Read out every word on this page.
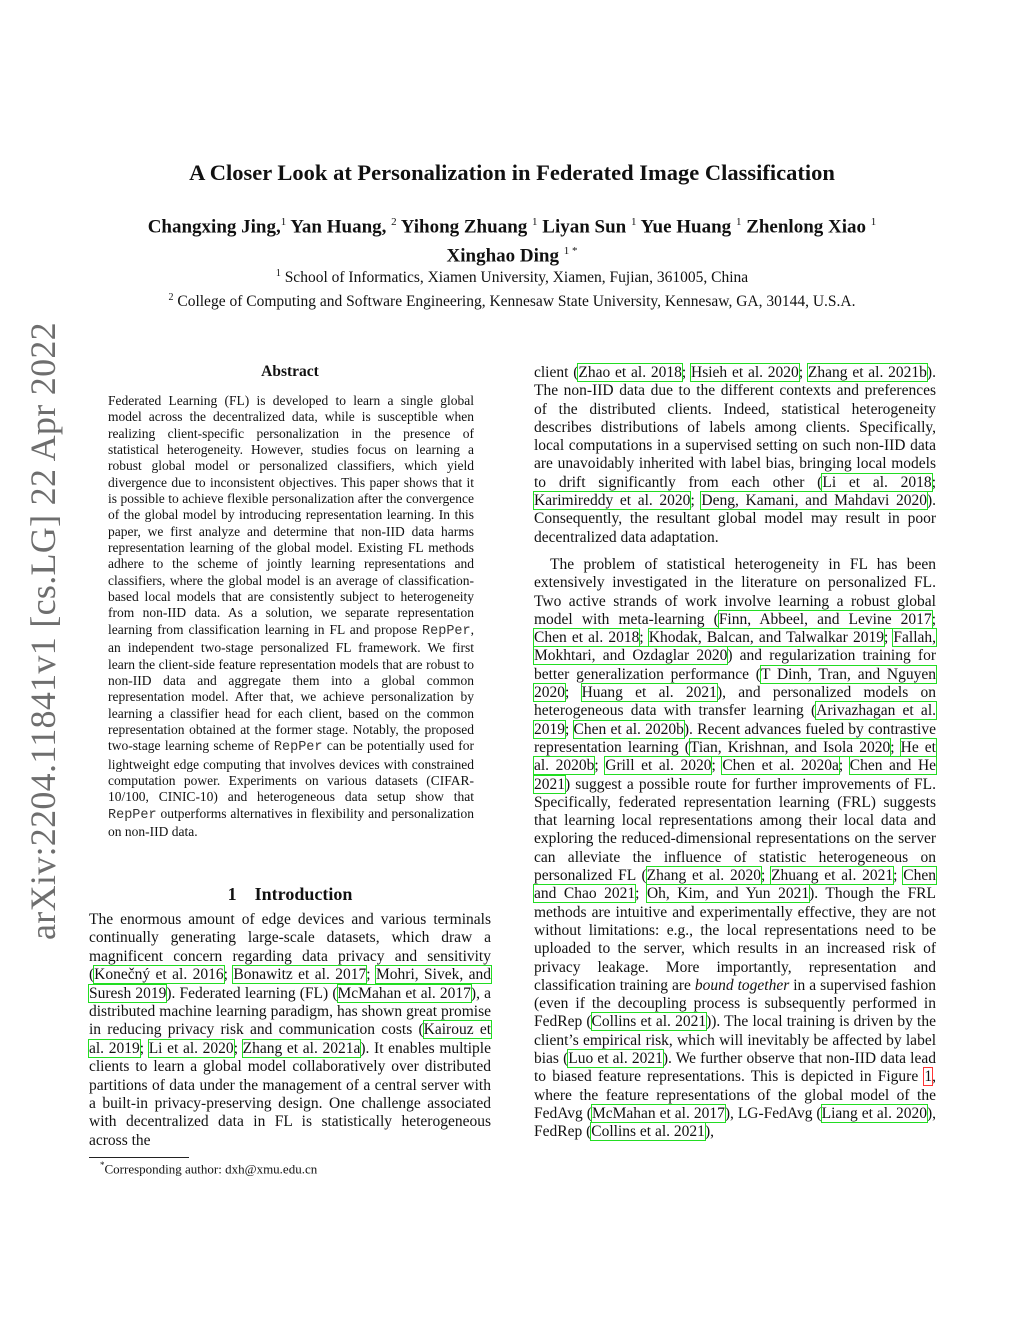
arXiv:2204.11841v1 [cs.LG] 22 Apr 2022
A Closer Look at Personalization in Federated Image Classification
Changxing Jing,$^1$ Yan Huang, $^2$ Yihong Zhuang $^1$ Liyan Sun $^1$ Yue Huang $^1$ Zhenlong Xiao $^1$
Xinghao Ding $^{1 *}$
$^1$ School of Informatics, Xiamen University, Xiamen, Fujian, 361005, China
$^2$ College of Computing and Software Engineering, Kennesaw State University, Kennesaw, GA, 30144, U.S.A.
Abstract
Federated Learning (FL) is developed to learn a single global model across the decentralized data, while is susceptible when realizing client-specific personalization in the presence of statistical heterogeneity. However, studies focus on learning a robust global model or personalized classifiers, which yield divergence due to inconsistent objectives. This paper shows that it is possible to achieve flexible personalization after the convergence of the global model by introducing representation learning. In this paper, we first analyze and determine that non-IID data harms representation learning of the global model. Existing FL methods adhere to the scheme of jointly learning representations and classifiers, where the global model is an average of classification-based local models that are consistently subject to heterogeneity from non-IID data. As a solution, we separate representation learning from classification learning in FL and propose RepPer, an independent two-stage personalized FL framework. We first learn the client-side feature representation models that are robust to non-IID data and aggregate them into a global common representation model. After that, we achieve personalization by learning a classifier head for each client, based on the common representation obtained at the former stage. Notably, the proposed two-stage learning scheme of RepPer can be potentially used for lightweight edge computing that involves devices with constrained computation power. Experiments on various datasets (CIFAR-10/100, CINIC-10) and heterogeneous data setup show that RepPer outperforms alternatives in flexibility and personalization on non-IID data.
1 Introduction
The enormous amount of edge devices and various terminals continually generating large-scale datasets, which draw a magnificent concern regarding data privacy and sensitivity (Konečný et al. 2016; Bonawitz et al. 2017; Mohri, Sivek, and Suresh 2019). Federated learning (FL) (McMahan et al. 2017), a distributed machine learning paradigm, has shown great promise in reducing privacy risk and communication costs (Kairouz et al. 2019; Li et al. 2020; Zhang et al. 2021a). It enables multiple clients to learn a global model collaboratively over distributed partitions of data under the management of a central server with a built-in privacy-preserving design. One challenge associated with decentralized data in FL is statistically heterogeneous across the
*Corresponding author: dxh@xmu.edu.cn

client (Zhao et al. 2018; Hsieh et al. 2020; Zhang et al. 2021b). The non-IID data due to the different contexts and preferences of the distributed clients. Indeed, statistical heterogeneity describes distributions of labels among clients. Specifically, local computations in a supervised setting on such non-IID data are unavoidably inherited with label bias, bringing local models to drift significantly from each other (Li et al. 2018; Karimireddy et al. 2020; Deng, Kamani, and Mahdavi 2020). Consequently, the resultant global model may result in poor decentralized data adaptation.

The problem of statistical heterogeneity in FL has been extensively investigated in the literature on personalized FL. Two active strands of work involve learning a robust global model with meta-learning (Finn, Abbeel, and Levine 2017; Chen et al. 2018; Khodak, Balcan, and Talwalkar 2019; Fallah, Mokhtari, and Ozdaglar 2020) and regularization training for better generalization performance (T Dinh, Tran, and Nguyen 2020; Huang et al. 2021), and personalized models on heterogeneous data with transfer learning (Arivazhagan et al. 2019; Chen et al. 2020b). Recent advances fueled by contrastive representation learning (Tian, Krishnan, and Isola 2020; He et al. 2020b; Grill et al. 2020; Chen et al. 2020a; Chen and He 2021) suggest a possible route for further improvements of FL. Specifically, federated representation learning (FRL) suggests that learning local representations among their local data and exploring the reduced-dimensional representations on the server can alleviate the influence of statistic heterogeneous on personalized FL (Zhang et al. 2020; Zhuang et al. 2021; Chen and Chao 2021; Oh, Kim, and Yun 2021). Though the FRL methods are intuitive and experimentally effective, they are not without limitations: e.g., the local representations need to be uploaded to the server, which results in an increased risk of privacy leakage. More importantly, representation and classification training are bound together in a supervised fashion (even if the decoupling process is subsequently performed in FedRep (Collins et al. 2021)). The local training is driven by the client’s empirical risk, which will inevitably be affected by label bias (Luo et al. 2021). We further observe that non-IID data lead to biased feature representations. This is depicted in Figure 1, where the feature representations of the global model of the FedAvg (McMahan et al. 2017), LG-FedAvg (Liang et al. 2020), FedRep (Collins et al. 2021),
